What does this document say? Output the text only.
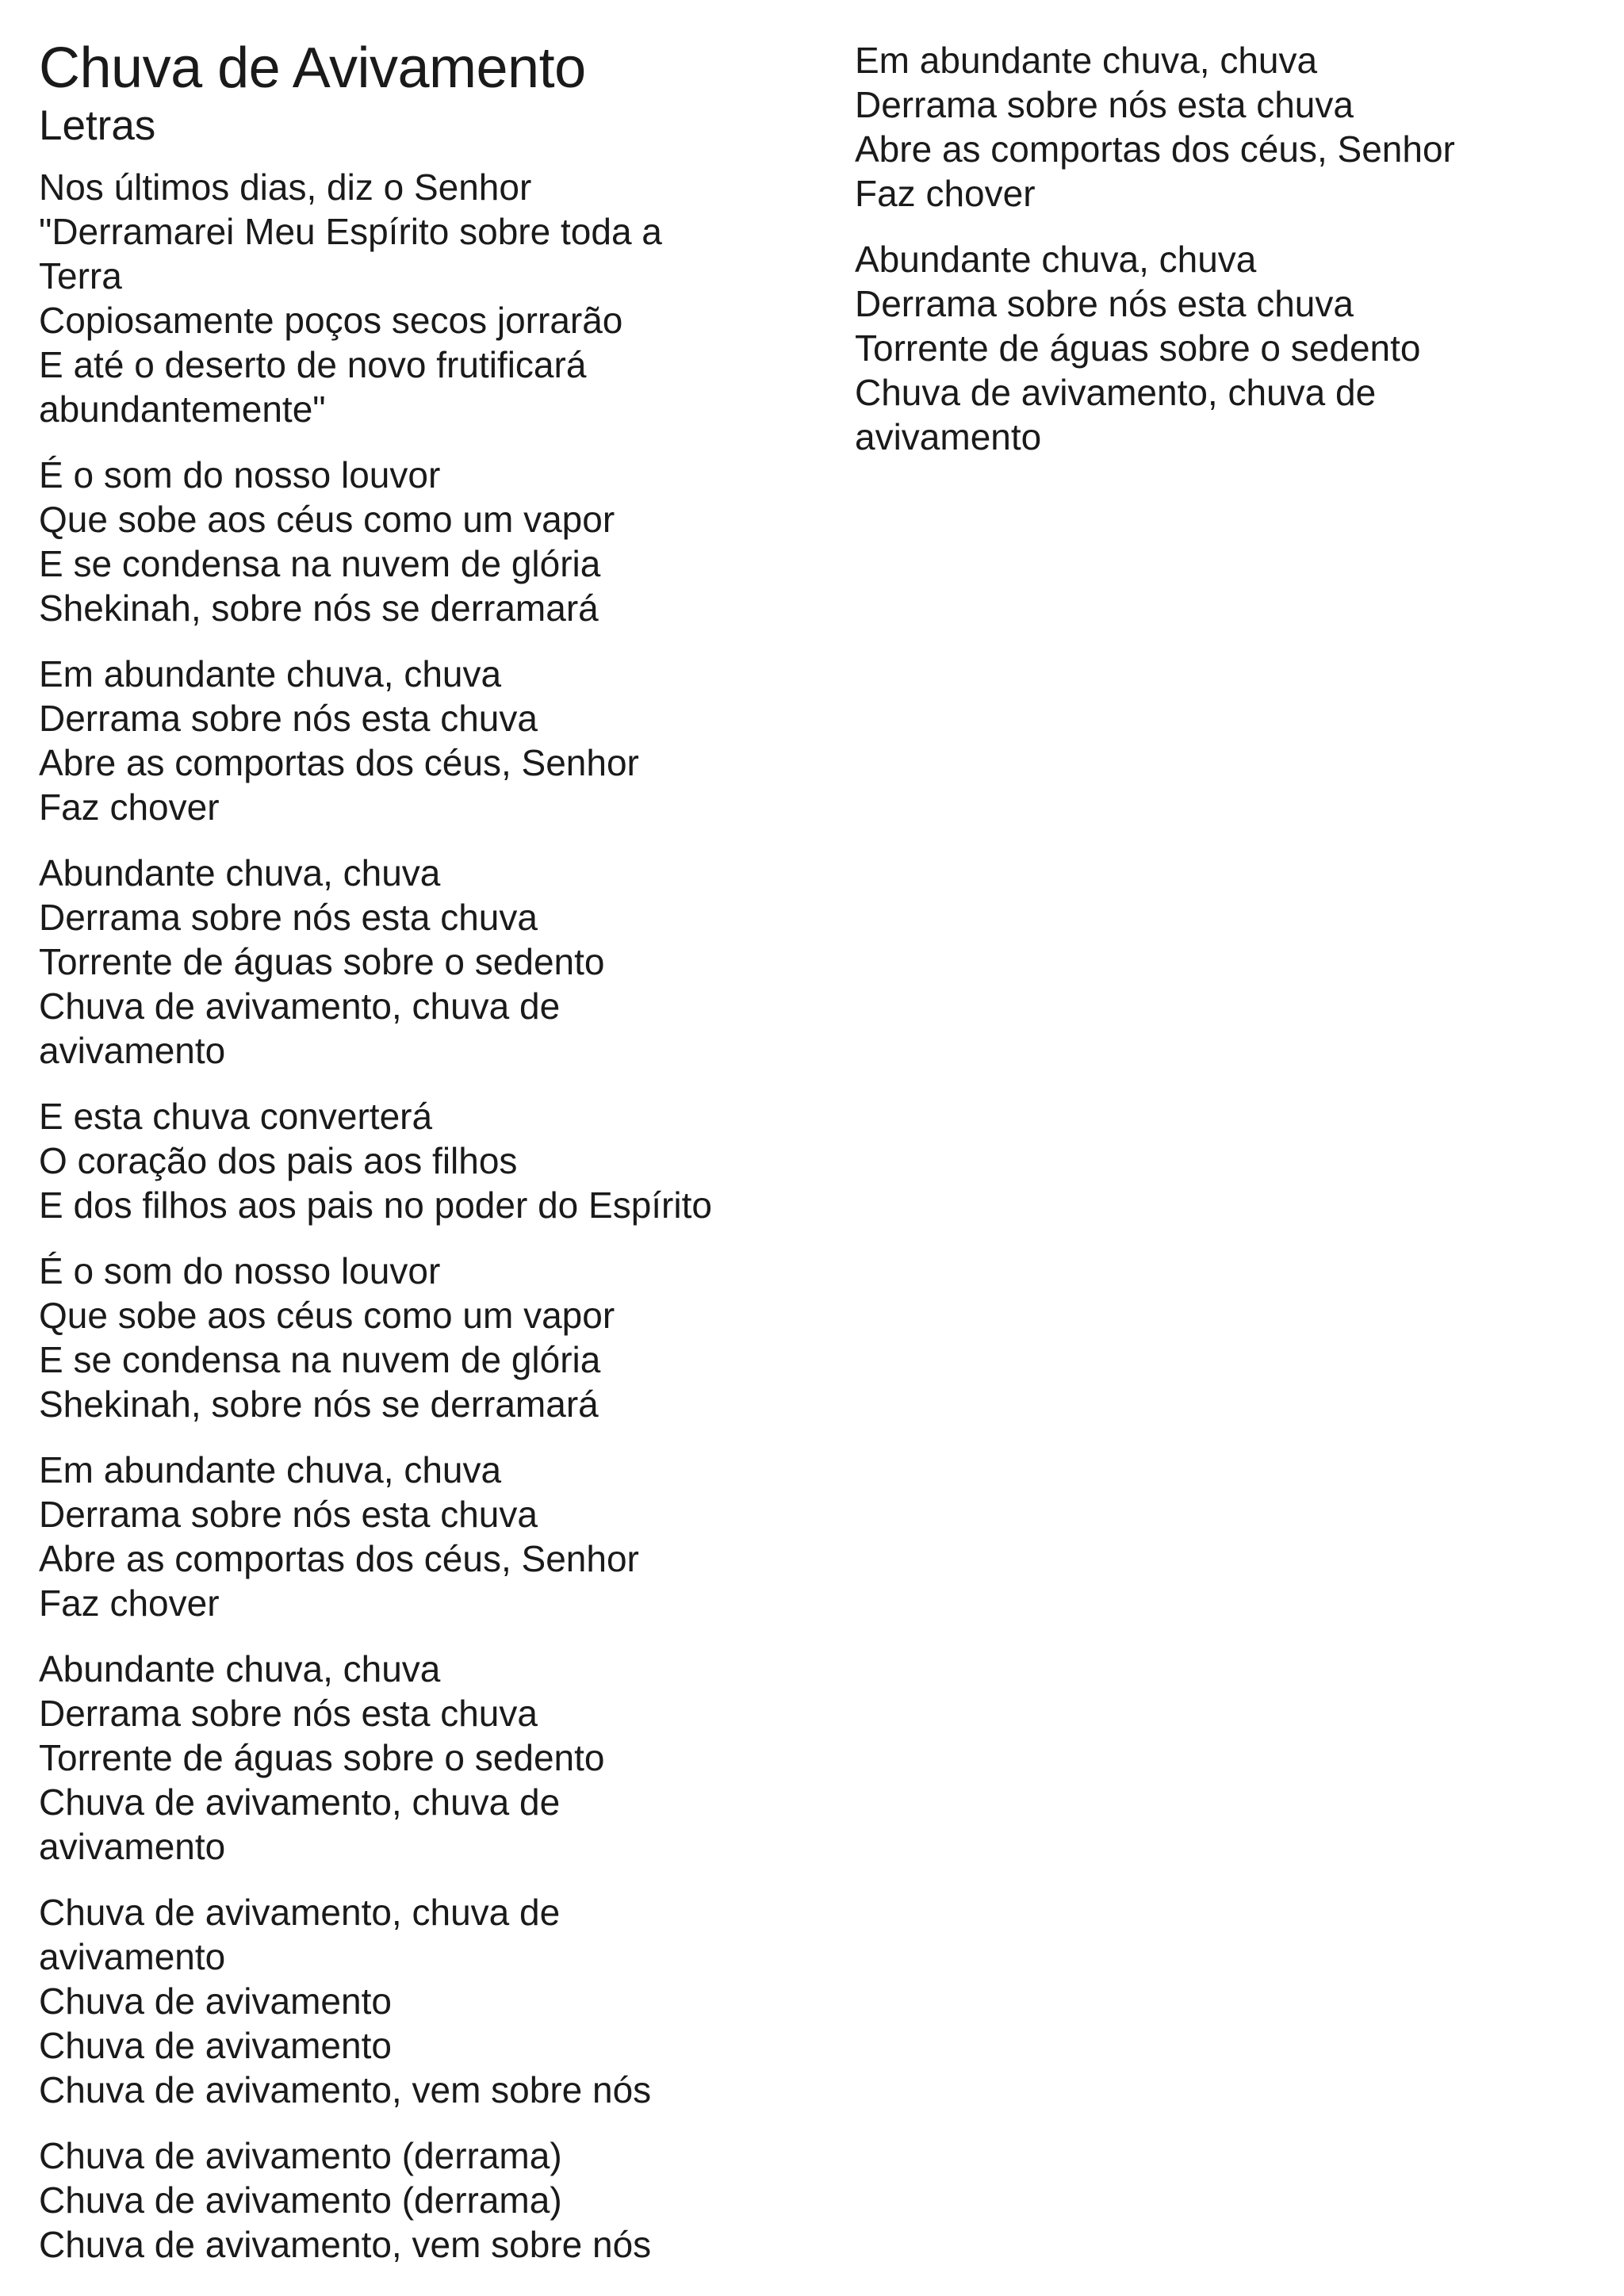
Chuva de Avivamento
Letras
Nos últimos dias, diz o Senhor
"Derramarei Meu Espírito sobre toda a
Terra
Copiosamente poços secos jorrarão
E até o deserto de novo frutificará
abundantemente"
É o som do nosso louvor
Que sobe aos céus como um vapor
E se condensa na nuvem de glória
Shekinah, sobre nós se derramará
Em abundante chuva, chuva
Derrama sobre nós esta chuva
Abre as comportas dos céus, Senhor
Faz chover
Abundante chuva, chuva
Derrama sobre nós esta chuva
Torrente de águas sobre o sedento
Chuva de avivamento, chuva de
avivamento
E esta chuva converterá
O coração dos pais aos filhos
E dos filhos aos pais no poder do Espírito
É o som do nosso louvor
Que sobe aos céus como um vapor
E se condensa na nuvem de glória
Shekinah, sobre nós se derramará
Em abundante chuva, chuva
Derrama sobre nós esta chuva
Abre as comportas dos céus, Senhor
Faz chover
Abundante chuva, chuva
Derrama sobre nós esta chuva
Torrente de águas sobre o sedento
Chuva de avivamento, chuva de
avivamento
Chuva de avivamento, chuva de
avivamento
Chuva de avivamento
Chuva de avivamento
Chuva de avivamento, vem sobre nós
Chuva de avivamento (derrama)
Chuva de avivamento (derrama)
Chuva de avivamento, vem sobre nós
Em abundante chuva, chuva
Derrama sobre nós esta chuva
Abre as comportas dos céus, Senhor
Faz chover
Abundante chuva, chuva
Derrama sobre nós esta chuva
Torrente de águas sobre o sedento
Chuva de avivamento, chuva de
avivamento
